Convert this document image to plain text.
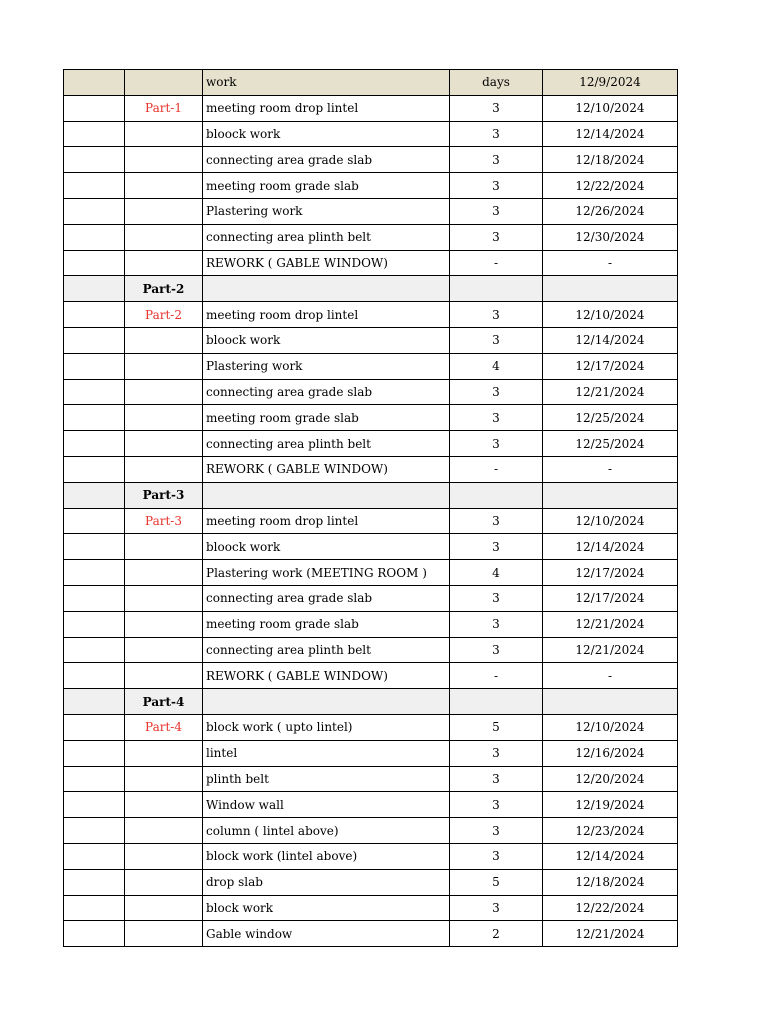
		work	days	12/9/2024
	Part-1	meeting room drop lintel	3	12/10/2024
		bloock work	3	12/14/2024
		connecting area grade slab	3	12/18/2024
		meeting room grade slab	3	12/22/2024
		Plastering work	3	12/26/2024
		connecting area plinth belt	3	12/30/2024
		REWORK ( GABLE WINDOW)	-	-
	Part-2			
	Part-2	meeting room drop lintel	3	12/10/2024
		bloock work	3	12/14/2024
		Plastering work	4	12/17/2024
		connecting area grade slab	3	12/21/2024
		meeting room grade slab	3	12/25/2024
		connecting area plinth belt	3	12/25/2024
		REWORK ( GABLE WINDOW)	-	-
	Part-3			
	Part-3	meeting room drop lintel	3	12/10/2024
		bloock work	3	12/14/2024
		Plastering work (MEETING ROOM )	4	12/17/2024
		connecting area grade slab	3	12/17/2024
		meeting room grade slab	3	12/21/2024
		connecting area plinth belt	3	12/21/2024
		REWORK ( GABLE WINDOW)	-	-
	Part-4			
	Part-4	block work ( upto lintel)	5	12/10/2024
		lintel	3	12/16/2024
		plinth belt	3	12/20/2024
		Window wall	3	12/19/2024
		column ( lintel above)	3	12/23/2024
		block work (lintel above)	3	12/14/2024
		drop slab	5	12/18/2024
		block work	3	12/22/2024
		Gable window	2	12/21/2024
